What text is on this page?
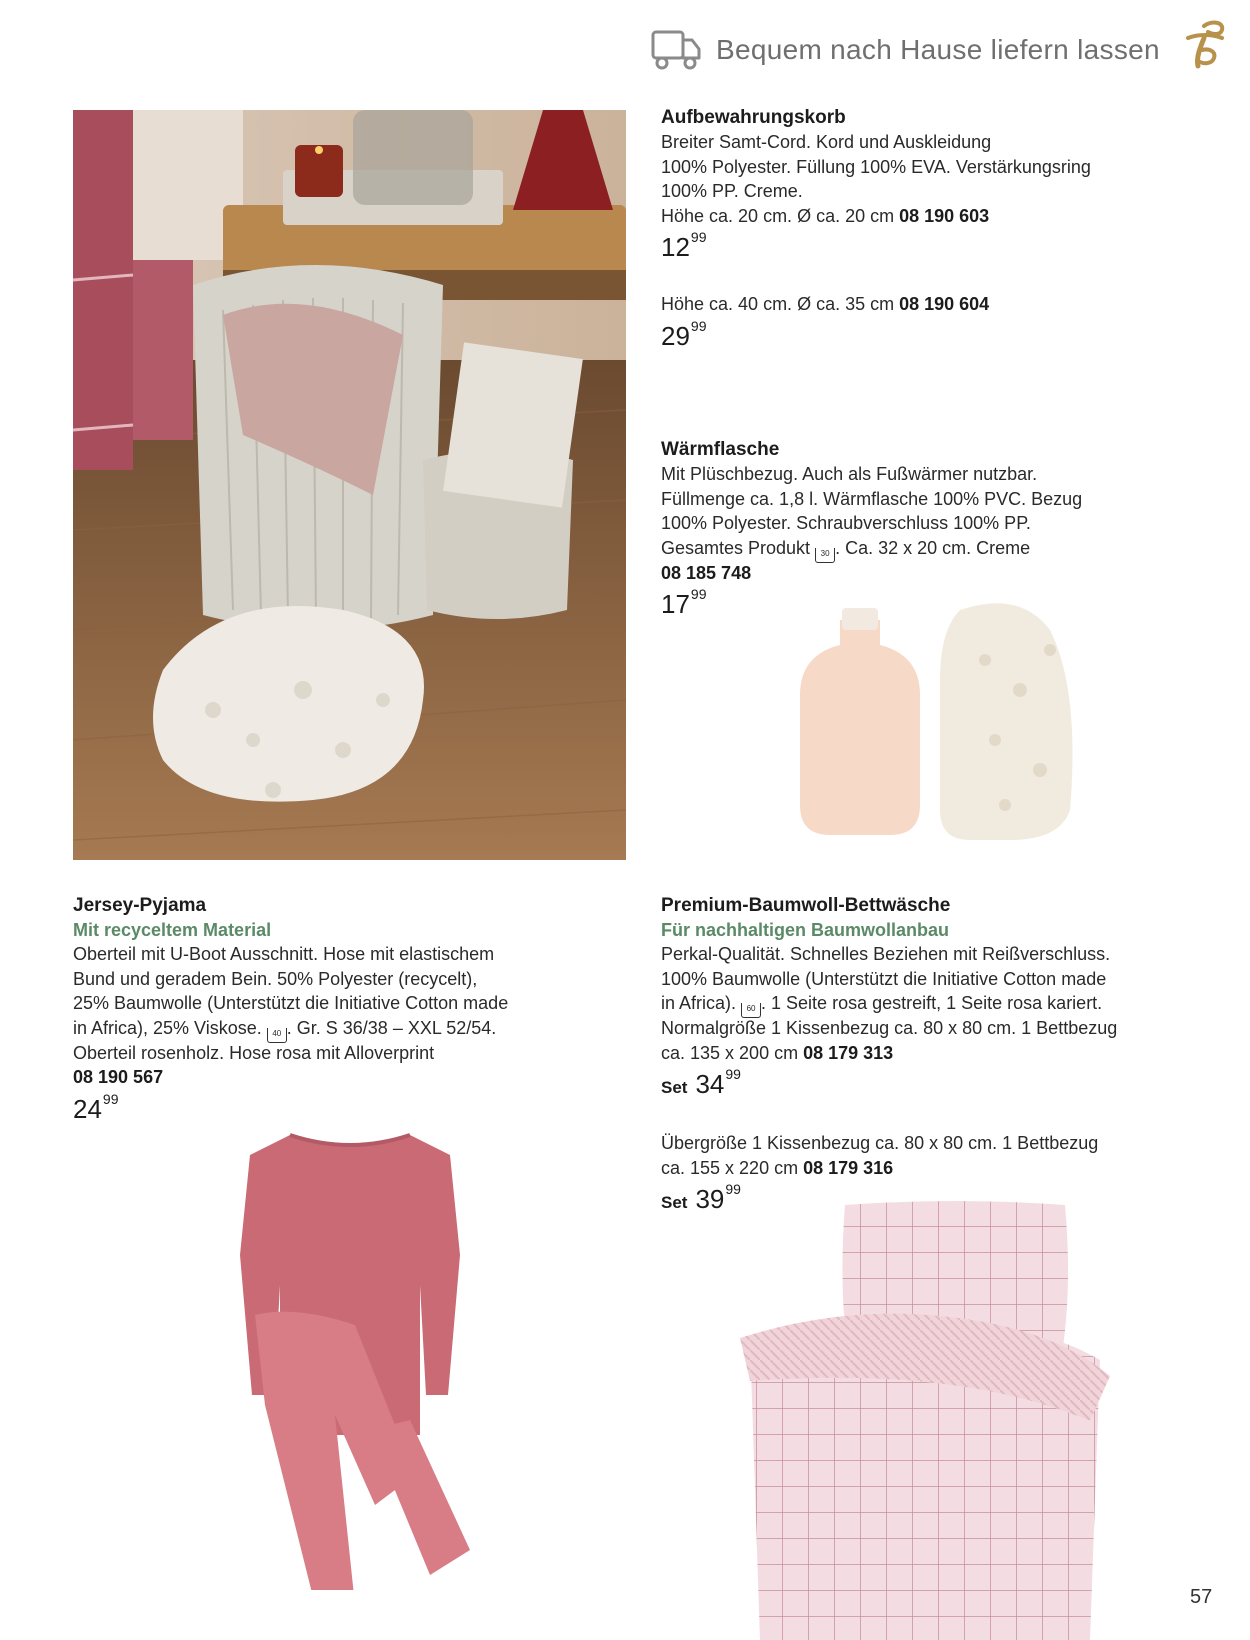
Bequem nach Hause liefern lassen
Aufbewahrungskorb
Breiter Samt-Cord. Kord und Auskleidung
100% Polyester. Füllung 100% EVA. Verstärkungsring
100% PP. Creme.
Höhe ca. 20 cm. Ø ca. 20 cm 08 190 603
$12^{99}$
Höhe ca. 40 cm. Ø ca. 35 cm 08 190 604
$29^{99}$
Wärmflasche
Mit Plüschbezug. Auch als Fußwärmer nutzbar.
Füllmenge ca. 1,8 l. Wärmflasche 100% PVC. Bezug
100% Polyester. Schraubverschluss 100% PP.
Gesamtes Produkt 30 . Ca. 32 x 20 cm. Creme
08 185 748
$17^{99}$
Jersey-Pyjama
Mit recyceltem Material
Oberteil mit U-Boot Ausschnitt. Hose mit elastischem
Bund und geradem Bein. 50% Polyester (recycelt),
25% Baumwolle (Unterstützt die Initiative Cotton made
in Africa), 25% Viskose. 40 . Gr. S 36/38 – XXL 52/54.
Oberteil rosenholz. Hose rosa mit Alloverprint
08 190 567
$24^{99}$
Premium-Baumwoll-Bettwäsche
Für nachhaltigen Baumwollanbau
Perkal-Qualität. Schnelles Beziehen mit Reißverschluss.
100% Baumwolle (Unterstützt die Initiative Cotton made
in Africa). 60 . 1 Seite rosa gestreift, 1 Seite rosa kariert.
Normalgröße 1 Kissenbezug ca. 80 x 80 cm. 1 Bettbezug
ca. 135 x 200 cm 08 179 313
Set $34^{99}$
Übergröße 1 Kissenbezug ca. 80 x 80 cm. 1 Bettbezug
ca. 155 x 220 cm 08 179 316
Set $39^{99}$
57
